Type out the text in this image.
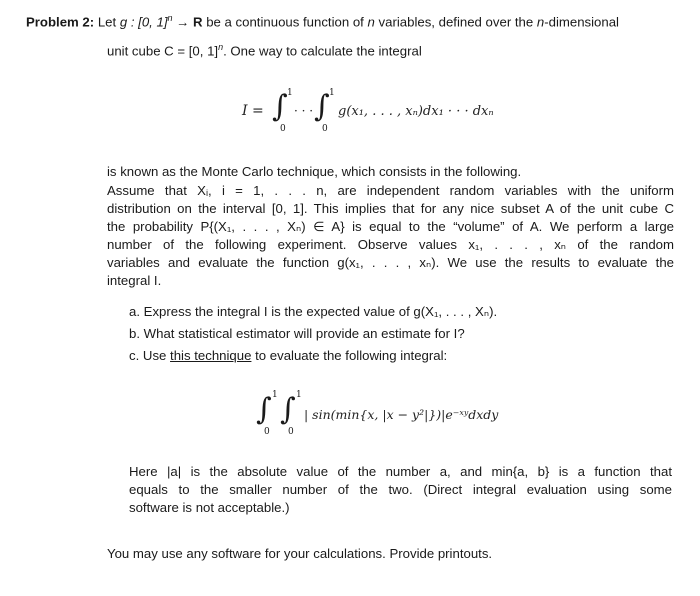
Problem 2: Let g : [0, 1]$^n$ → R be a continuous function of n variables, defined over the n-dimensional
unit cube C = [0, 1]$^n$. One way to calculate the integral
I = ∫ 1
0
· · · ∫ 1
0
g(x₁, . . . , xₙ)dx₁ · · · dxₙ
is known as the Monte Carlo technique, which consists in the following.
Assume that Xᵢ, i = 1, . . . n, are independent random variables with the uniform
distribution on the interval [0, 1]. This implies that for any nice subset A of the unit cube C
the probability P{(X₁, . . . , Xₙ) ∈ A} is equal to the “volume” of A. We perform a large
number of the following experiment. Observe values x₁, . . . , xₙ of the random
variables and evaluate the function g(x₁, . . . , xₙ). We use the results to evaluate the
integral I.
a. Express the integral I is the expected value of g(X₁, . . . , Xₙ).
b. What statistical estimator will provide an estimate for I?
c. Use this technique to evaluate the following integral:
∫ 1
0
∫ 1
0
| sin(min{x, |x − y²|})|e⁻ˣʸdxdy
Here |a| is the absolute value of the number a, and min{a, b} is a function that
equals to the smaller number of the two. (Direct integral evaluation using some
software is not acceptable.)
You may use any software for your calculations. Provide printouts.
